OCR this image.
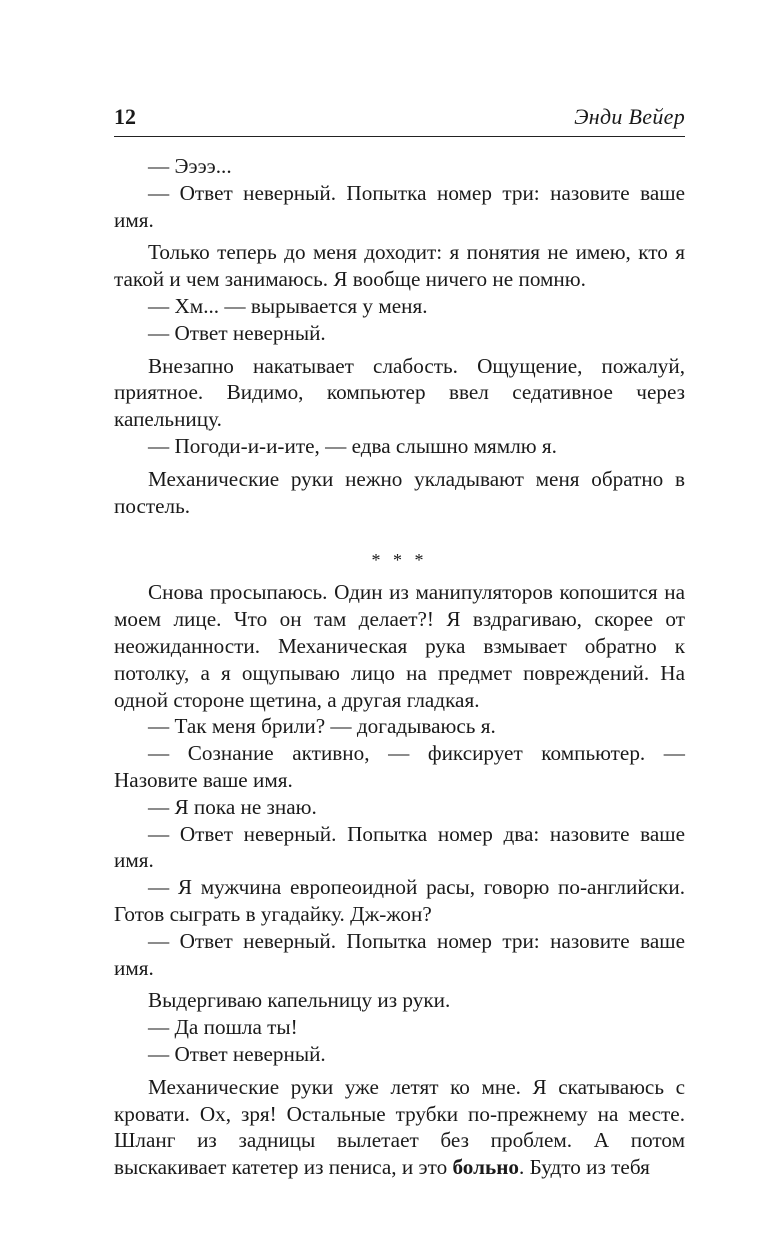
12	Энди Вейер

— Ээээ...

— Ответ неверный. Попытка номер три: назовите ваше имя.

Только теперь до меня доходит: я понятия не имею, кто я такой и чем занимаюсь. Я вообще ничего не помню.

— Хм... — вырывается у меня.

— Ответ неверный.

Внезапно накатывает слабость. Ощущение, пожалуй, приятное. Видимо, компьютер ввел седативное через капельницу.

— Погоди-и-и-ите, — едва слышно мямлю я.

Механические руки нежно укладывают меня обратно в постель.

* * *

Снова просыпаюсь. Один из манипуляторов копошится на моем лице. Что он там делает?! Я вздрагиваю, скорее от неожиданности. Механическая рука взмывает обратно к потолку, а я ощупываю лицо на предмет повреждений. На одной стороне щетина, а другая гладкая.

— Так меня брили? — догадываюсь я.

— Сознание активно, — фиксирует компьютер. — Назовите ваше имя.

— Я пока не знаю.

— Ответ неверный. Попытка номер два: назовите ваше имя.

— Я мужчина европеоидной расы, говорю по-английски. Готов сыграть в угадайку. Дж-жон?

— Ответ неверный. Попытка номер три: назовите ваше имя.

Выдергиваю капельницу из руки.

— Да пошла ты!

— Ответ неверный.

Механические руки уже летят ко мне. Я скатываюсь с кровати. Ох, зря! Остальные трубки по-прежнему на месте. Шланг из задницы вылетает без проблем. А потом выскакивает катетер из пениса, и это больно. Будто из тебя
